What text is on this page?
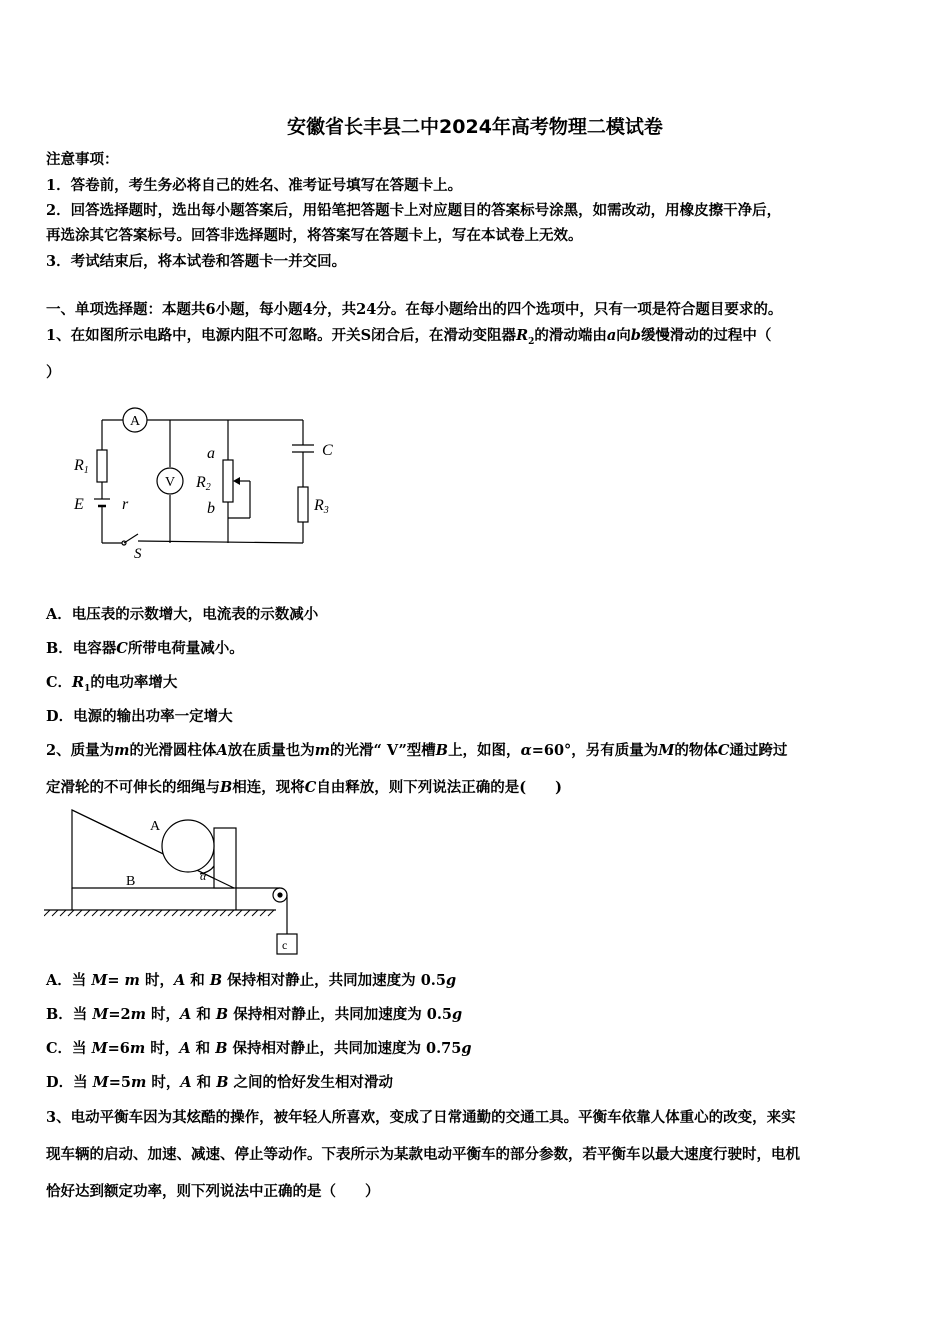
安徽省长丰县二中2024年高考物理二模试卷
注意事项：
1．答卷前，考生务必将自己的姓名、准考证号填写在答题卡上。
2．回答选择题时，选出每小题答案后，用铅笔把答题卡上对应题目的答案标号涂黑，如需改动，用橡皮擦干净后，
再选涂其它答案标号。回答非选择题时，将答案写在答题卡上，写在本试卷上无效。
3．考试结束后，将本试卷和答题卡一并交回。
一、单项选择题：本题共6小题，每小题4分，共24分。在每小题给出的四个选项中，只有一项是符合题目要求的。
1、在如图所示电路中，电源内阻不可忽略。开关S闭合后，在滑动变阻器$R_2$的滑动端由a向b缓慢滑动的过程中（
）
A
V
R1
E r
S
a
R2
b
C
R3
A．电压表的示数增大，电流表的示数减小
B．电容器C所带电荷量减小。
C．$R_1$的电功率增大
D．电源的输出功率一定增大
2、质量为m的光滑圆柱体A放在质量也为m的光滑“ V”型槽B上，如图，α=60°，另有质量为M的物体C通过跨过
定滑轮的不可伸长的细绳与B相连，现将C自由释放，则下列说法正确的是(　　)
A
B	α
c
A．当 M= m 时，A 和 B 保持相对静止，共同加速度为 0.5g
B．当 M=2m 时，A 和 B 保持相对静止，共同加速度为 0.5g
C．当 M=6m 时，A 和 B 保持相对静止，共同加速度为 0.75g
D．当 M=5m 时，A 和 B 之间的恰好发生相对滑动
3、电动平衡车因为其炫酷的操作，被年轻人所喜欢，变成了日常通勤的交通工具。平衡车依靠人体重心的改变，来实
现车辆的启动、加速、减速、停止等动作。下表所示为某款电动平衡车的部分参数，若平衡车以最大速度行驶时，电机
恰好达到额定功率，则下列说法中正确的是（　　）
